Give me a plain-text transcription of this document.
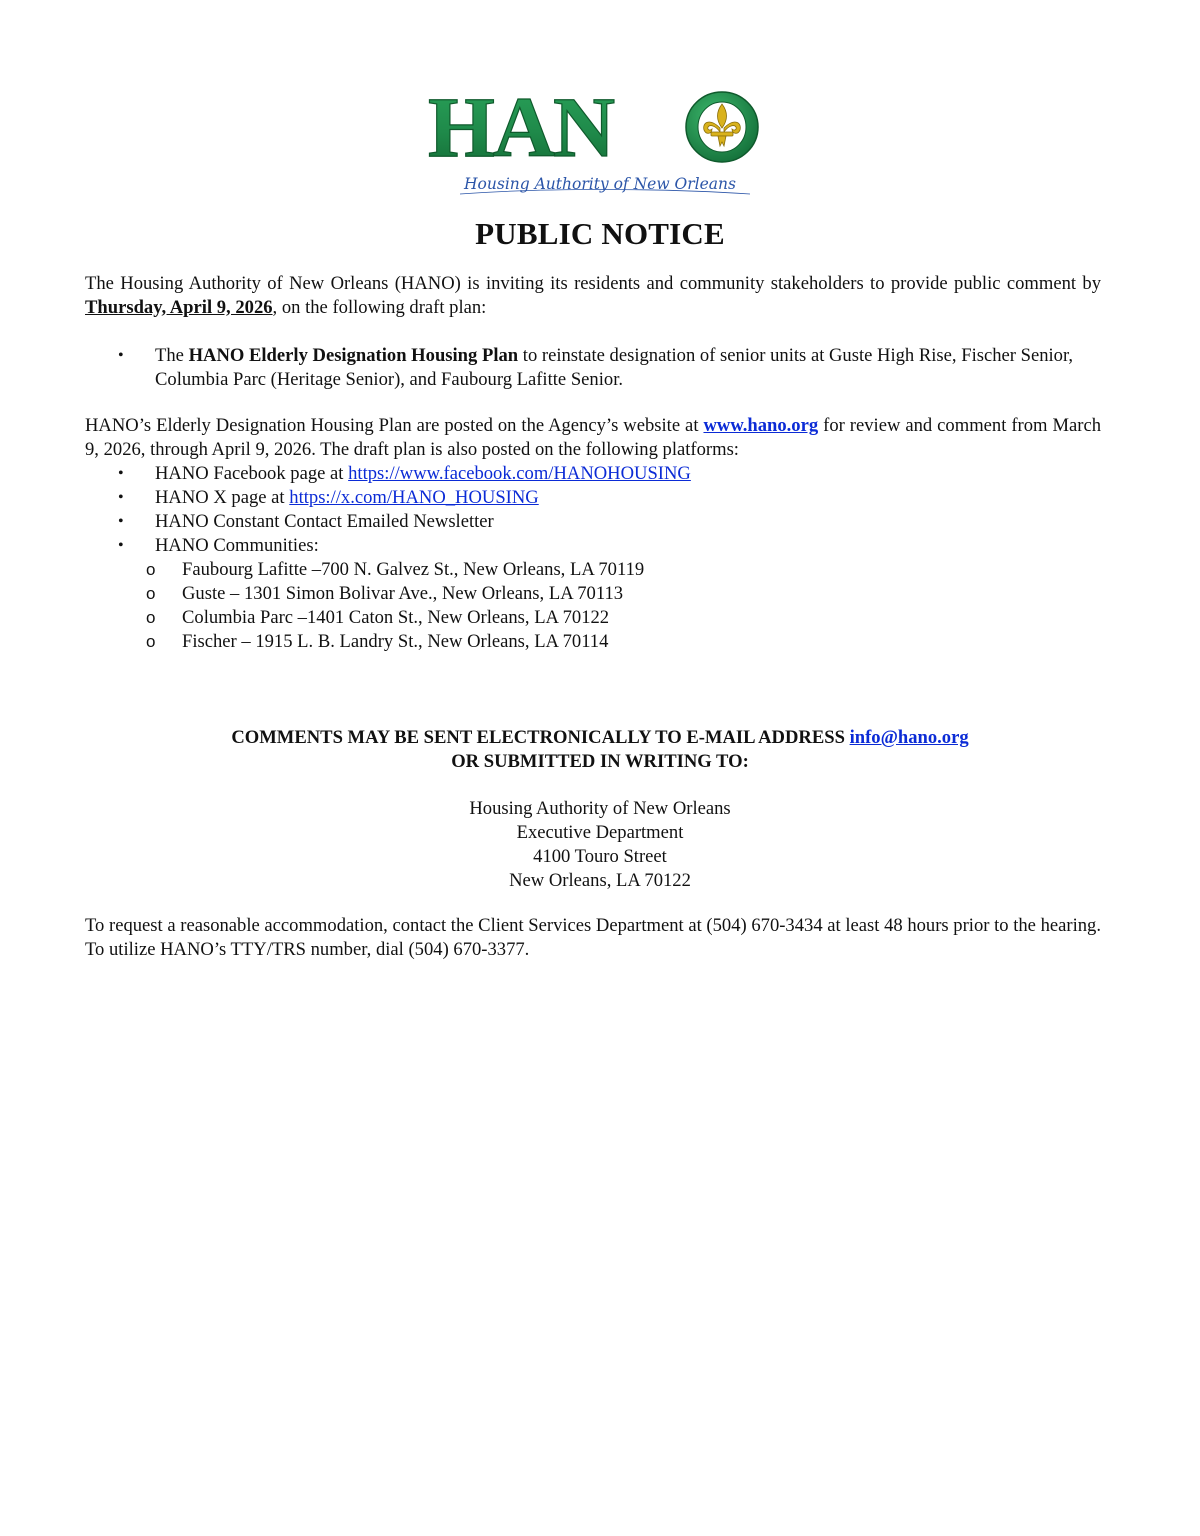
HAN
Housing Authority of New Orleans
PUBLIC NOTICE

The Housing Authority of New Orleans (HANO) is inviting its residents and community stakeholders to provide public comment by Thursday, April 9, 2026, on the following draft plan:

• The HANO Elderly Designation Housing Plan to reinstate designation of senior units at Guste High Rise, Fischer Senior, Columbia Parc (Heritage Senior), and Faubourg Lafitte Senior.

HANO’s Elderly Designation Housing Plan are posted on the Agency’s website at www.hano.org for review and comment from March 9, 2026, through April 9, 2026. The draft plan is also posted on the following platforms:

• HANO Facebook page at https://www.facebook.com/HANOHOUSING
• HANO X page at https://x.com/HANO_HOUSING
• HANO Constant Contact Emailed Newsletter
• HANO Communities:
o Faubourg Lafitte –700 N. Galvez St., New Orleans, LA 70119
o Guste – 1301 Simon Bolivar Ave., New Orleans, LA 70113
o Columbia Parc –1401 Caton St., New Orleans, LA 70122
o Fischer – 1915 L. B. Landry St., New Orleans, LA 70114
COMMENTS MAY BE SENT ELECTRONICALLY TO E-MAIL ADDRESS info@hano.org
OR SUBMITTED IN WRITING TO:
Housing Authority of New Orleans
Executive Department
4100 Touro Street
New Orleans, LA 70122

To request a reasonable accommodation, contact the Client Services Department at (504) 670-3434 at least 48 hours prior to the hearing. To utilize HANO’s TTY/TRS number, dial (504) 670-3377.
